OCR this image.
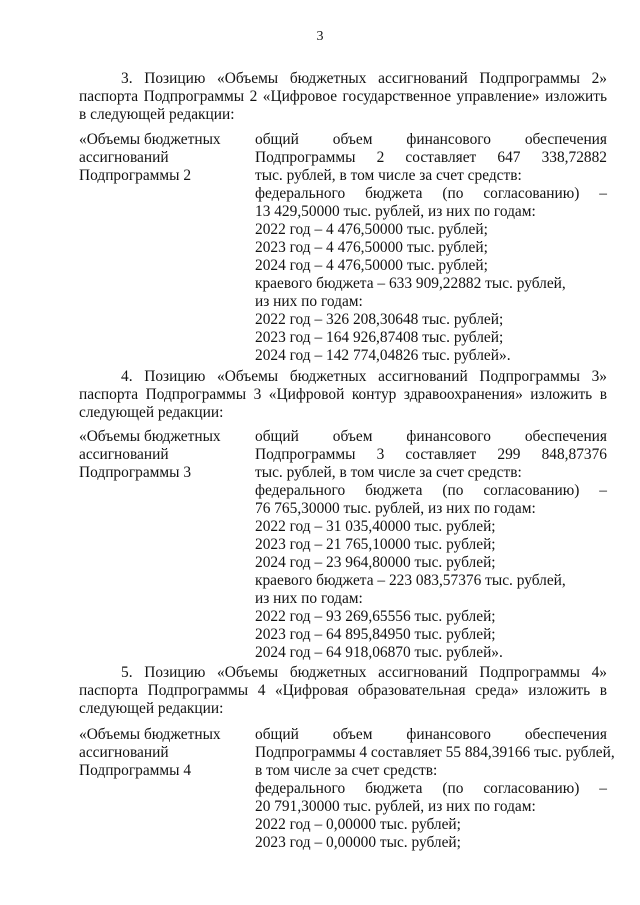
3
3. Позицию «Объемы бюджетных ассигнований Подпрограммы 2» паспорта Подпрограммы 2 «Цифровое государственное управление» изложить в следующей редакции:
«Объемы бюджетных
ассигнований
Подпрограммы 2
общий объем финансового обеспечения
Подпрограммы 2 составляет 647 338,72882
тыс. рублей, в том числе за счет средств:
федерального бюджета (по согласованию) –
13 429,50000 тыс. рублей, из них по годам:
2022 год – 4 476,50000 тыс. рублей;
2023 год – 4 476,50000 тыс. рублей;
2024 год – 4 476,50000 тыс. рублей;
краевого бюджета – 633 909,22882 тыс. рублей,
из них по годам:
2022 год – 326 208,30648 тыс. рублей;
2023 год – 164 926,87408 тыс. рублей;
2024 год – 142 774,04826 тыс. рублей».
4. Позицию «Объемы бюджетных ассигнований Подпрограммы 3» паспорта Подпрограммы 3 «Цифровой контур здравоохранения» изложить в следующей редакции:
«Объемы бюджетных
ассигнований
Подпрограммы 3
общий объем финансового обеспечения
Подпрограммы 3 составляет 299 848,87376
тыс. рублей, в том числе за счет средств:
федерального бюджета (по согласованию) –
76 765,30000 тыс. рублей, из них по годам:
2022 год – 31 035,40000 тыс. рублей;
2023 год – 21 765,10000 тыс. рублей;
2024 год – 23 964,80000 тыс. рублей;
краевого бюджета – 223 083,57376 тыс. рублей,
из них по годам:
2022 год – 93 269,65556 тыс. рублей;
2023 год – 64 895,84950 тыс. рублей;
2024 год – 64 918,06870 тыс. рублей».
5. Позицию «Объемы бюджетных ассигнований Подпрограммы 4» паспорта Подпрограммы 4 «Цифровая образовательная среда» изложить в следующей редакции:
«Объемы бюджетных
ассигнований
Подпрограммы 4
общий объем финансового обеспечения
Подпрограммы 4 составляет 55 884,39166 тыс. рублей,
в том числе за счет средств:
федерального бюджета (по согласованию) –
20 791,30000 тыс. рублей, из них по годам:
2022 год – 0,00000 тыс. рублей;
2023 год – 0,00000 тыс. рублей;
